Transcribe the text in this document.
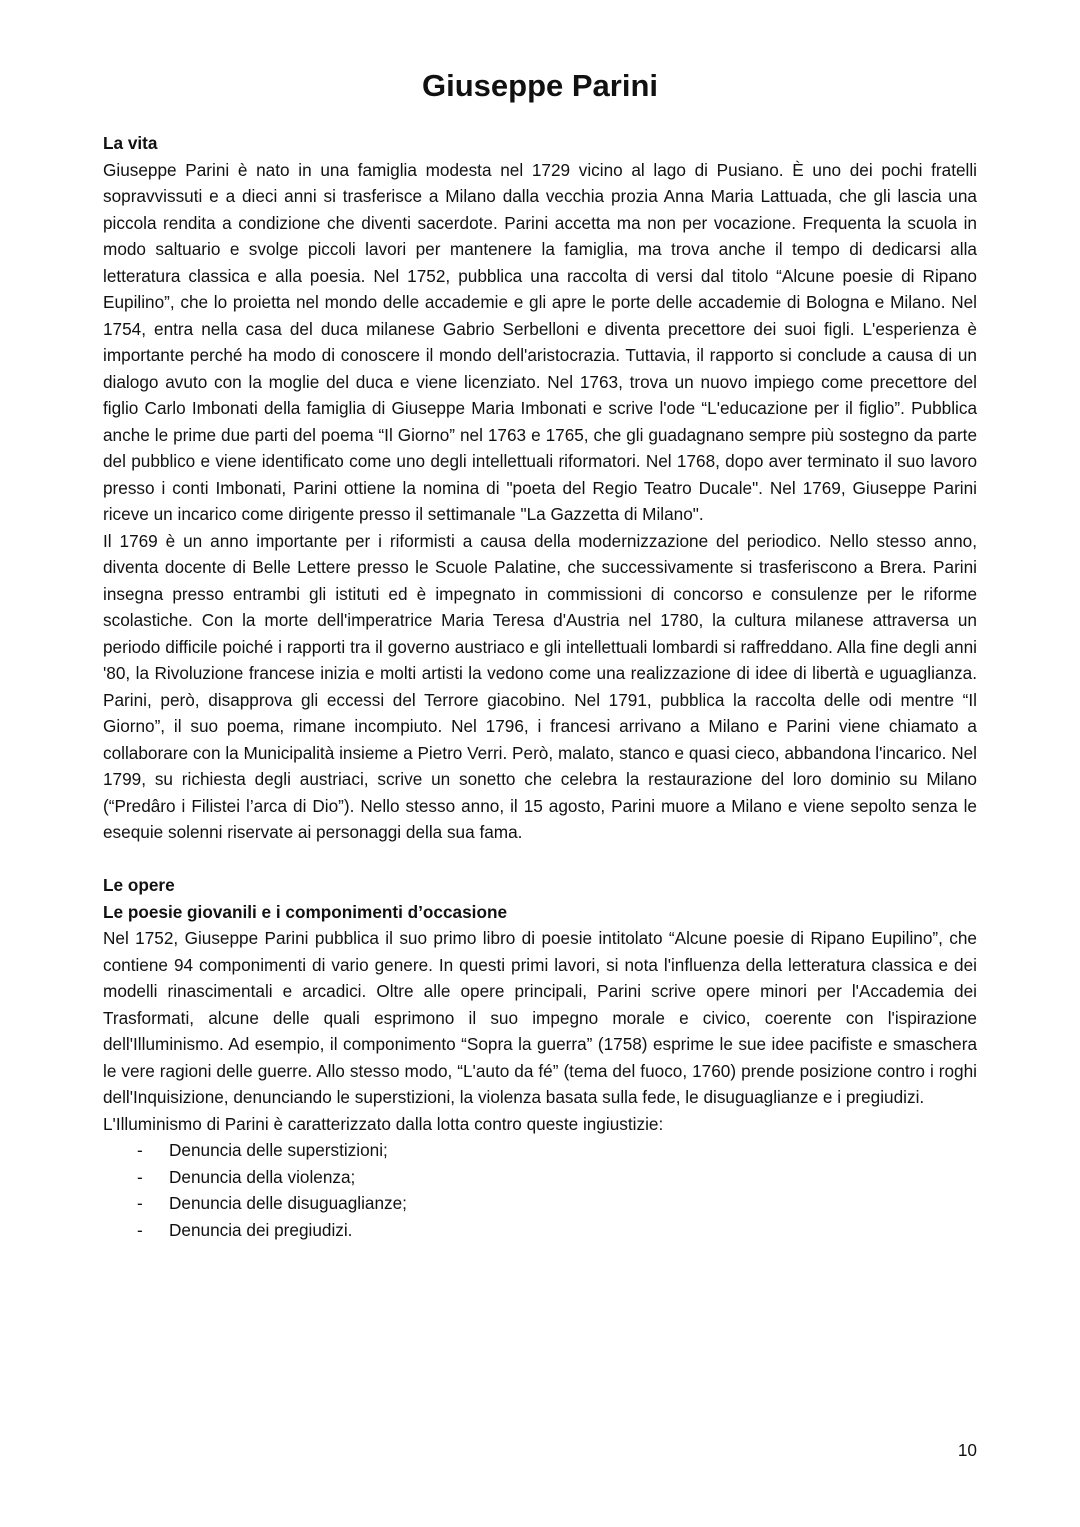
Giuseppe Parini

La vita

Giuseppe Parini è nato in una famiglia modesta nel 1729 vicino al lago di Pusiano. È uno dei pochi fratelli sopravvissuti e a dieci anni si trasferisce a Milano dalla vecchia prozia Anna Maria Lattuada, che gli lascia una piccola rendita a condizione che diventi sacerdote. Parini accetta ma non per vocazione. Frequenta la scuola in modo saltuario e svolge piccoli lavori per mantenere la famiglia, ma trova anche il tempo di dedicarsi alla letteratura classica e alla poesia. Nel 1752, pubblica una raccolta di versi dal titolo “Alcune poesie di Ripano Eupilino”, che lo proietta nel mondo delle accademie e gli apre le porte delle accademie di Bologna e Milano. Nel 1754, entra nella casa del duca milanese Gabrio Serbelloni e diventa precettore dei suoi figli. L'esperienza è importante perché ha modo di conoscere il mondo dell'aristocrazia. Tuttavia, il rapporto si conclude a causa di un dialogo avuto con la moglie del duca e viene licenziato. Nel 1763, trova un nuovo impiego come precettore del figlio Carlo Imbonati della famiglia di Giuseppe Maria Imbonati e scrive l'ode “L'educazione per il figlio”. Pubblica anche le prime due parti del poema “Il Giorno” nel 1763 e 1765, che gli guadagnano sempre più sostegno da parte del pubblico e viene identificato come uno degli intellettuali riformatori. Nel 1768, dopo aver terminato il suo lavoro presso i conti Imbonati, Parini ottiene la nomina di "poeta del Regio Teatro Ducale". Nel 1769, Giuseppe Parini riceve un incarico come dirigente presso il settimanale "La Gazzetta di Milano".

Il 1769 è un anno importante per i riformisti a causa della modernizzazione del periodico. Nello stesso anno, diventa docente di Belle Lettere presso le Scuole Palatine, che successivamente si trasferiscono a Brera. Parini insegna presso entrambi gli istituti ed è impegnato in commissioni di concorso e consulenze per le riforme scolastiche. Con la morte dell'imperatrice Maria Teresa d'Austria nel 1780, la cultura milanese attraversa un periodo difficile poiché i rapporti tra il governo austriaco e gli intellettuali lombardi si raffreddano. Alla fine degli anni '80, la Rivoluzione francese inizia e molti artisti la vedono come una realizzazione di idee di libertà e uguaglianza. Parini, però, disapprova gli eccessi del Terrore giacobino. Nel 1791, pubblica la raccolta delle odi mentre “Il Giorno”, il suo poema, rimane incompiuto. Nel 1796, i francesi arrivano a Milano e Parini viene chiamato a collaborare con la Municipalità insieme a Pietro Verri. Però, malato, stanco e quasi cieco, abbandona l'incarico. Nel 1799, su richiesta degli austriaci, scrive un sonetto che celebra la restaurazione del loro dominio su Milano (“Predâro i Filistei l’arca di Dio”). Nello stesso anno, il 15 agosto, Parini muore a Milano e viene sepolto senza le esequie solenni riservate ai personaggi della sua fama.

Le opere

Le poesie giovanili e i componimenti d’occasione

Nel 1752, Giuseppe Parini pubblica il suo primo libro di poesie intitolato “Alcune poesie di Ripano Eupilino”, che contiene 94 componimenti di vario genere. In questi primi lavori, si nota l'influenza della letteratura classica e dei modelli rinascimentali e arcadici. Oltre alle opere principali, Parini scrive opere minori per l'Accademia dei Trasformati, alcune delle quali esprimono il suo impegno morale e civico, coerente con l'ispirazione dell'Illuminismo. Ad esempio, il componimento “Sopra la guerra” (1758) esprime le sue idee pacifiste e smaschera le vere ragioni delle guerre. Allo stesso modo, “L'auto da fé” (tema del fuoco, 1760) prende posizione contro i roghi dell'Inquisizione, denunciando le superstizioni, la violenza basata sulla fede, le disuguaglianze e i pregiudizi.

L'Illuminismo di Parini è caratterizzato dalla lotta contro queste ingiustizie:

- Denuncia delle superstizioni;
- Denuncia della violenza;
- Denuncia delle disuguaglianze;
- Denuncia dei pregiudizi.
10
